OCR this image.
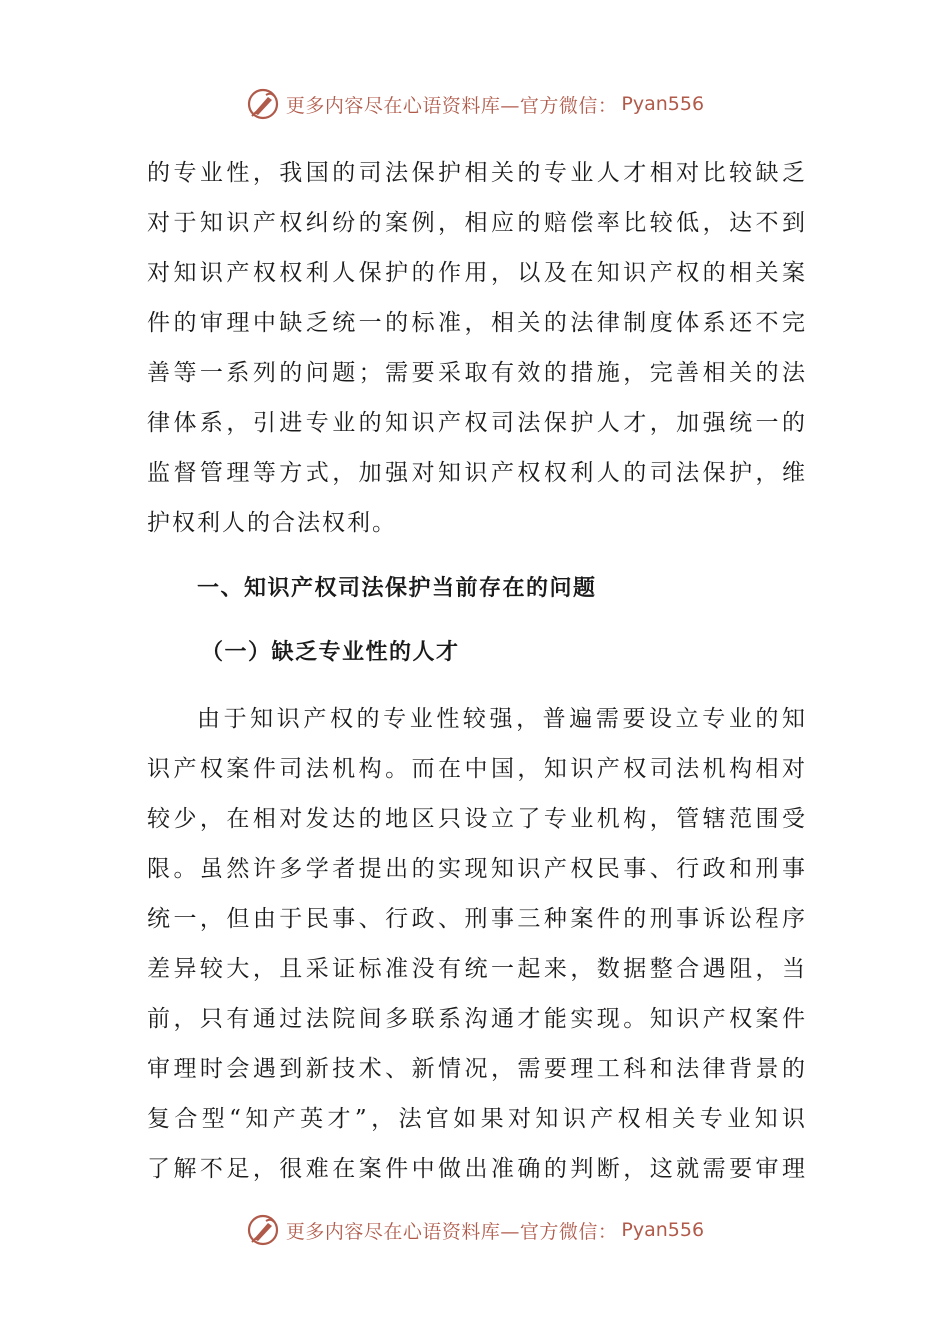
更多内容尽在心语资料库—官方微信： Pyan556
的专业性，我国的司法保护相关的专业人才相对比较缺乏
对于知识产权纠纷的案例，相应的赔偿率比较低，达不到
对知识产权权利人保护的作用，以及在知识产权的相关案
件的审理中缺乏统一的标准，相关的法律制度体系还不完
善等一系列的问题；需要采取有效的措施，完善相关的法
律体系，引进专业的知识产权司法保护人才，加强统一的
监督管理等方式，加强对知识产权权利人的司法保护，维
护权利人的合法权利。
一、知识产权司法保护当前存在的问题
（一）缺乏专业性的人才
由于知识产权的专业性较强，普遍需要设立专业的知
识产权案件司法机构。而在中国，知识产权司法机构相对
较少，在相对发达的地区只设立了专业机构，管辖范围受
限。虽然许多学者提出的实现知识产权民事、行政和刑事
统一，但由于民事、行政、刑事三种案件的刑事诉讼程序
差异较大，且采证标准没有统一起来，数据整合遇阻，当
前，只有通过法院间多联系沟通才能实现。知识产权案件
审理时会遇到新技术、新情况，需要理工科和法律背景的
复合型“知产英才”，法官如果对知识产权相关专业知识
了解不足，很难在案件中做出准确的判断，这就需要审理
更多内容尽在心语资料库—官方微信： Pyan556
